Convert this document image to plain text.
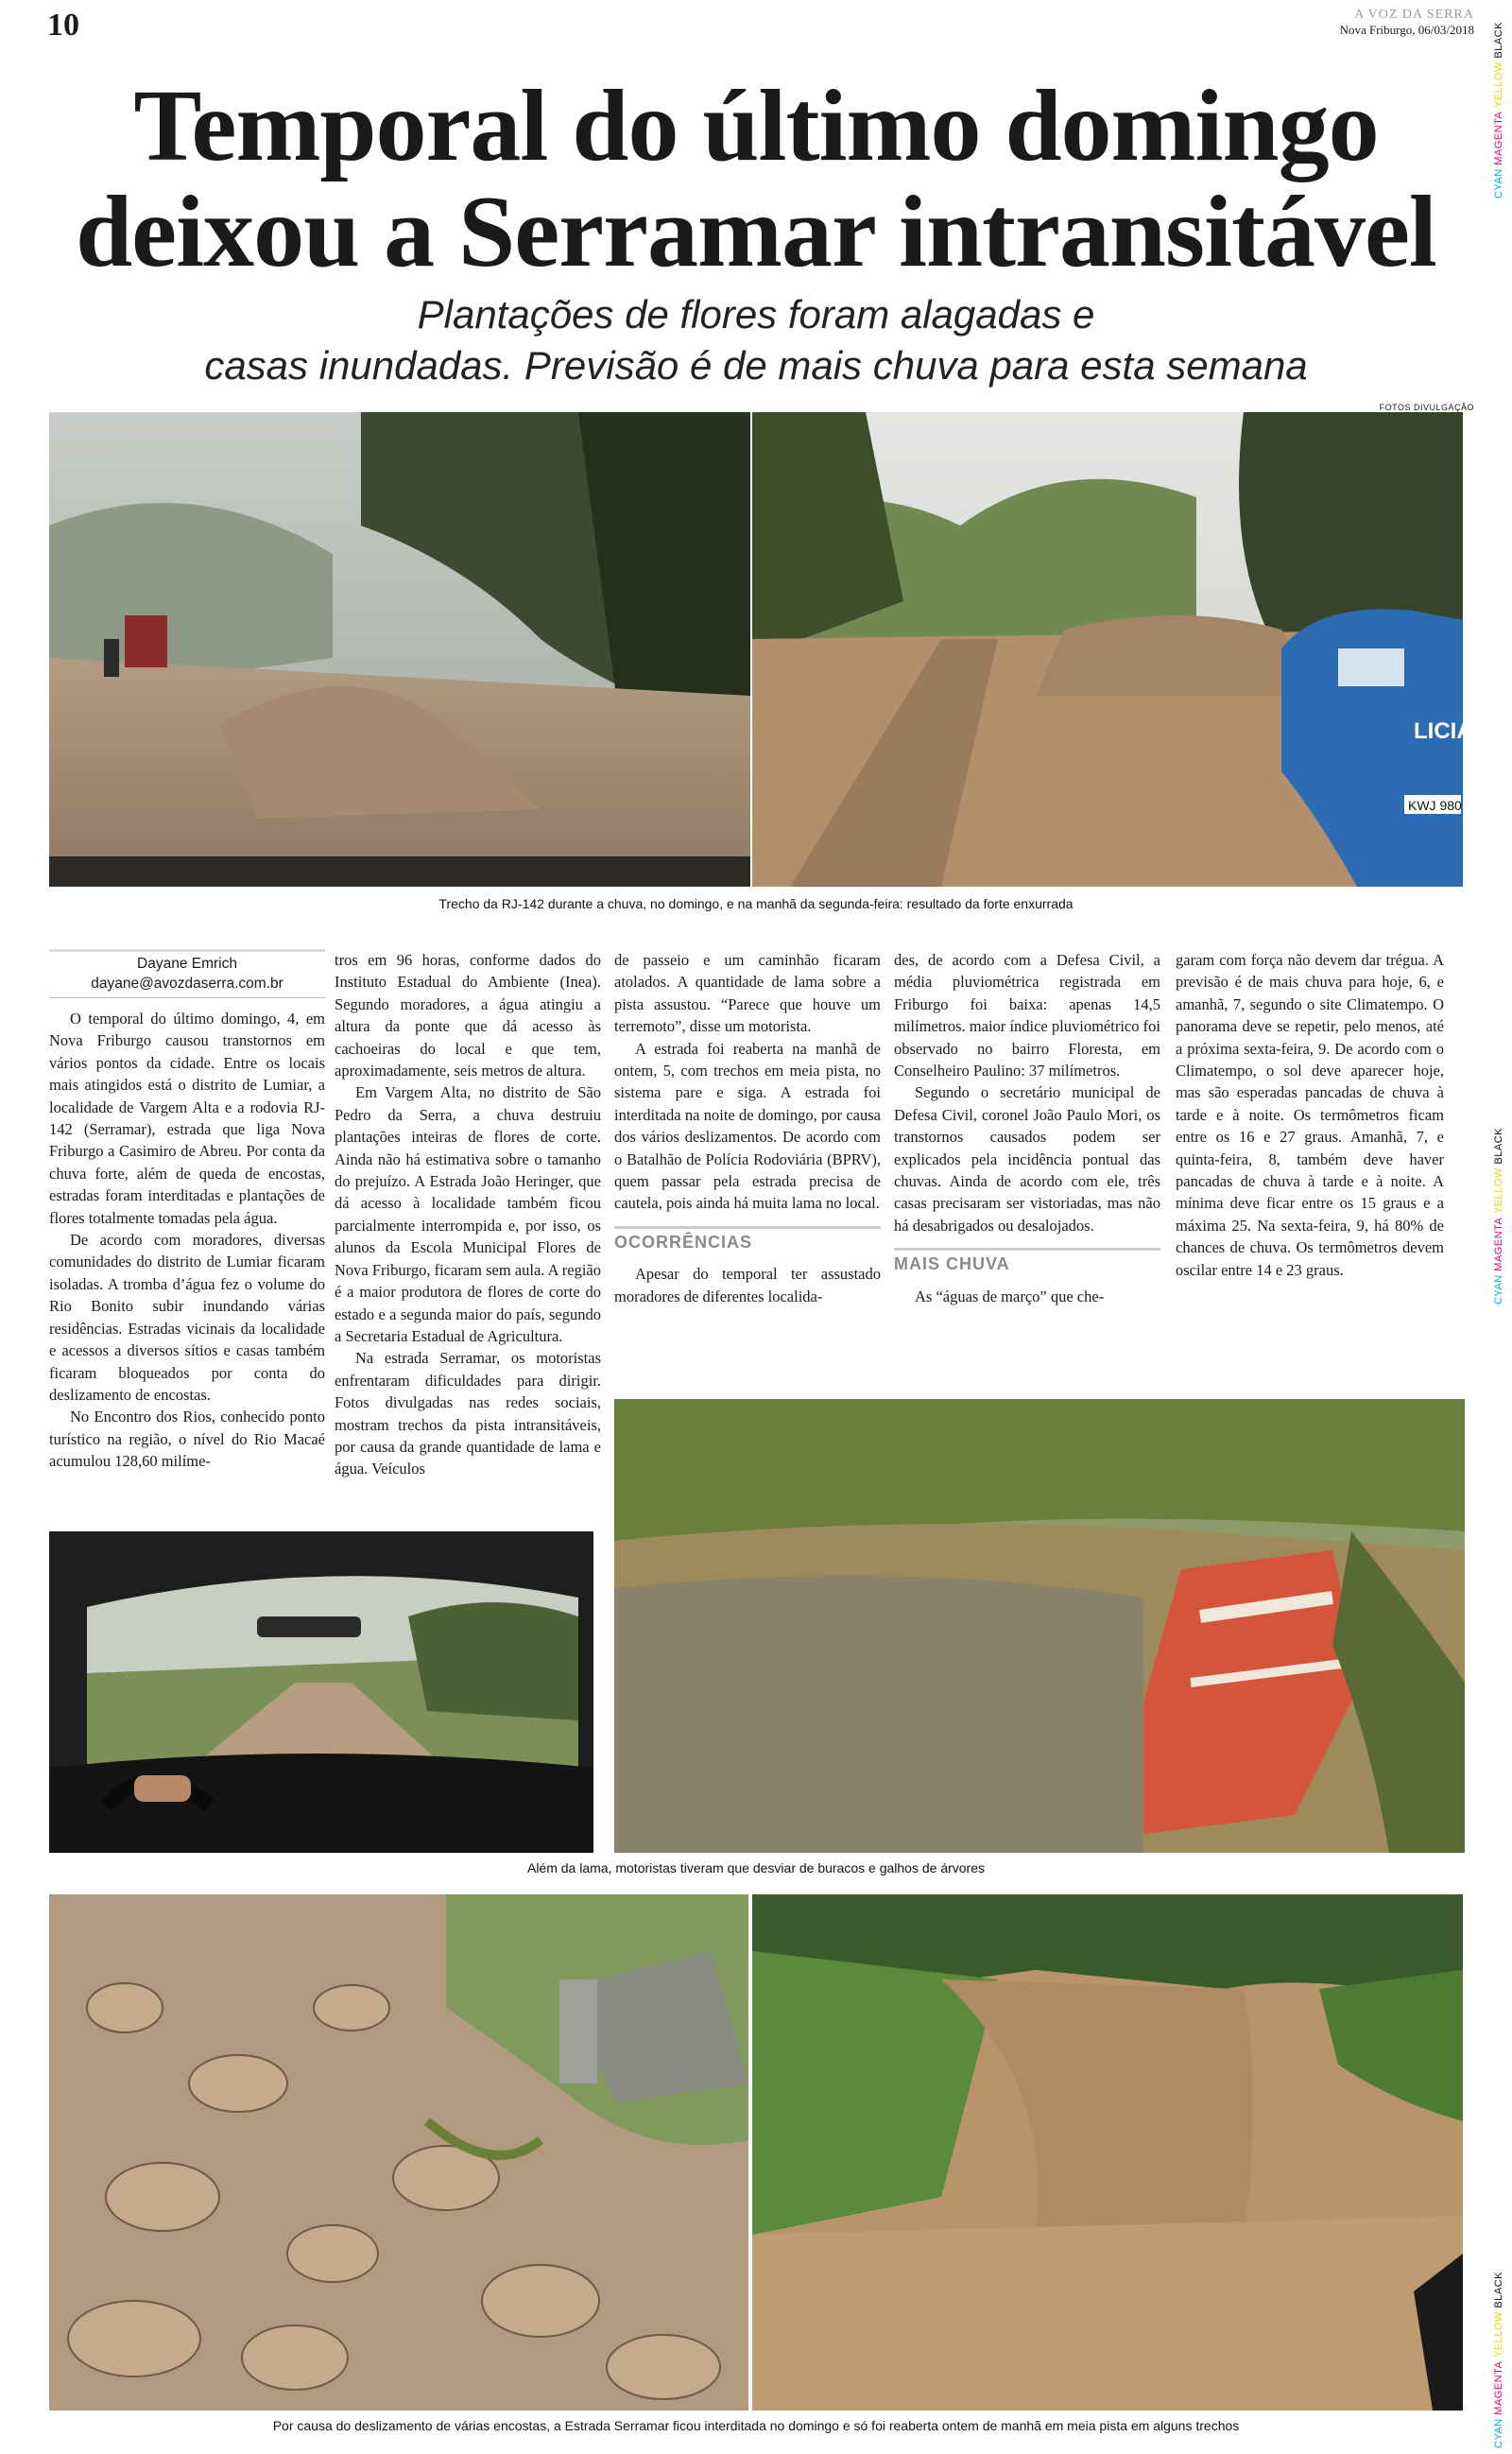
10	A VOZ DA SERRA
Nova Friburgo, 06/03/2018
CYAN MAGENTA YELLOW BLACK
CYAN MAGENTA YELLOW BLACK
CYAN MAGENTA YELLOW BLACK
Temporal do último domingo
deixou a Serramar intransitável
Plantações de flores foram alagadas e
casas inundadas. Previsão é de mais chuva para esta semana
FOTOS DIVULGAÇÃO
LICIA
KWJ 980
Trecho da RJ-142 durante a chuva, no domingo, e na manhã da segunda-feira: resultado da forte enxurrada
Dayane Emrich
dayane@avozdaserra.com.br

O temporal do último domingo, 4, em Nova Friburgo causou transtornos em vários pontos da cidade. Entre os locais mais atingidos está o distrito de Lumiar, a localidade de Vargem Alta e a rodovia RJ-142 (Serramar), estrada que liga Nova Friburgo a Casimiro de Abreu. Por conta da chuva forte, além de queda de encostas, estradas foram interditadas e plantações de flores totalmente tomadas pela água.

De acordo com moradores, diversas comunidades do distrito de Lumiar ficaram isoladas. A tromba d’água fez o volume do Rio Bonito subir inundando várias residências. Estradas vicinais da localidade e acessos a diversos sítios e casas também ficaram bloqueados por conta do deslizamento de encostas.

No Encontro dos Rios, conhecido ponto turístico na região, o nível do Rio Macaé acumulou 128,60 milíme-

tros em 96 horas, conforme dados do Instituto Estadual do Ambiente (Inea). Segundo moradores, a água atingiu a altura da ponte que dá acesso às cachoeiras do local e que tem, aproximadamente, seis metros de altura.

Em Vargem Alta, no distrito de São Pedro da Serra, a chuva destruiu plantações inteiras de flores de corte. Ainda não há estimativa sobre o tamanho do prejuízo. A Estrada João Heringer, que dá acesso à localidade também ficou parcialmente interrompida e, por isso, os alunos da Escola Municipal Flores de Nova Friburgo, ficaram sem aula. A região é a maior produtora de flores de corte do estado e a segunda maior do país, segundo a Secretaria Estadual de Agricultura.

Na estrada Serramar, os motoristas enfrentaram dificuldades para dirigir. Fotos divulgadas nas redes sociais, mostram trechos da pista intransitáveis, por causa da grande quantidade de lama e água. Veículos

de passeio e um caminhão ficaram atolados. A quantidade de lama sobre a pista assustou. “Parece que houve um terremoto”, disse um motorista.

A estrada foi reaberta na manhã de ontem, 5, com trechos em meia pista, no sistema pare e siga. A estrada foi interditada na noite de domingo, por causa dos vários deslizamentos. De acordo com o Batalhão de Polícia Rodoviária (BPRV), quem passar pela estrada precisa de cautela, pois ainda há muita lama no local.

OCORRÊNCIAS

Apesar do temporal ter assustado moradores de diferentes localida-

des, de acordo com a Defesa Civil, a média pluviométrica registrada em Friburgo foi baixa: apenas 14,5 milímetros. maior índice pluviométrico foi observado no bairro Floresta, em Conselheiro Paulino: 37 milímetros.

Segundo o secretário municipal de Defesa Civil, coronel João Paulo Mori, os transtornos causados podem ser explicados pela incidência pontual das chuvas. Ainda de acordo com ele, três casas precisaram ser vistoriadas, mas não há desabrigados ou desalojados.

MAIS CHUVA

As “águas de março” que che-

garam com força não devem dar trégua. A previsão é de mais chuva para hoje, 6, e amanhã, 7, segundo o site Climatempo. O panorama deve se repetir, pelo menos, até a próxima sexta-feira, 9. De acordo com o Climatempo, o sol deve aparecer hoje, mas são esperadas pancadas de chuva à tarde e à noite. Os termômetros ficam entre os 16 e 27 graus. Amanhã, 7, e quinta-feira, 8, também deve haver pancadas de chuva à tarde e à noite. A mínima deve ficar entre os 15 graus e a máxima 25. Na sexta-feira, 9, há 80% de chances de chuva. Os termômetros devem oscilar entre 14 e 23 graus.

Além da lama, motoristas tiveram que desviar de buracos e galhos de árvores
Por causa do deslizamento de várias encostas, a Estrada Serramar ficou interditada no domingo e só foi reaberta ontem de manhã em meia pista em alguns trechos
